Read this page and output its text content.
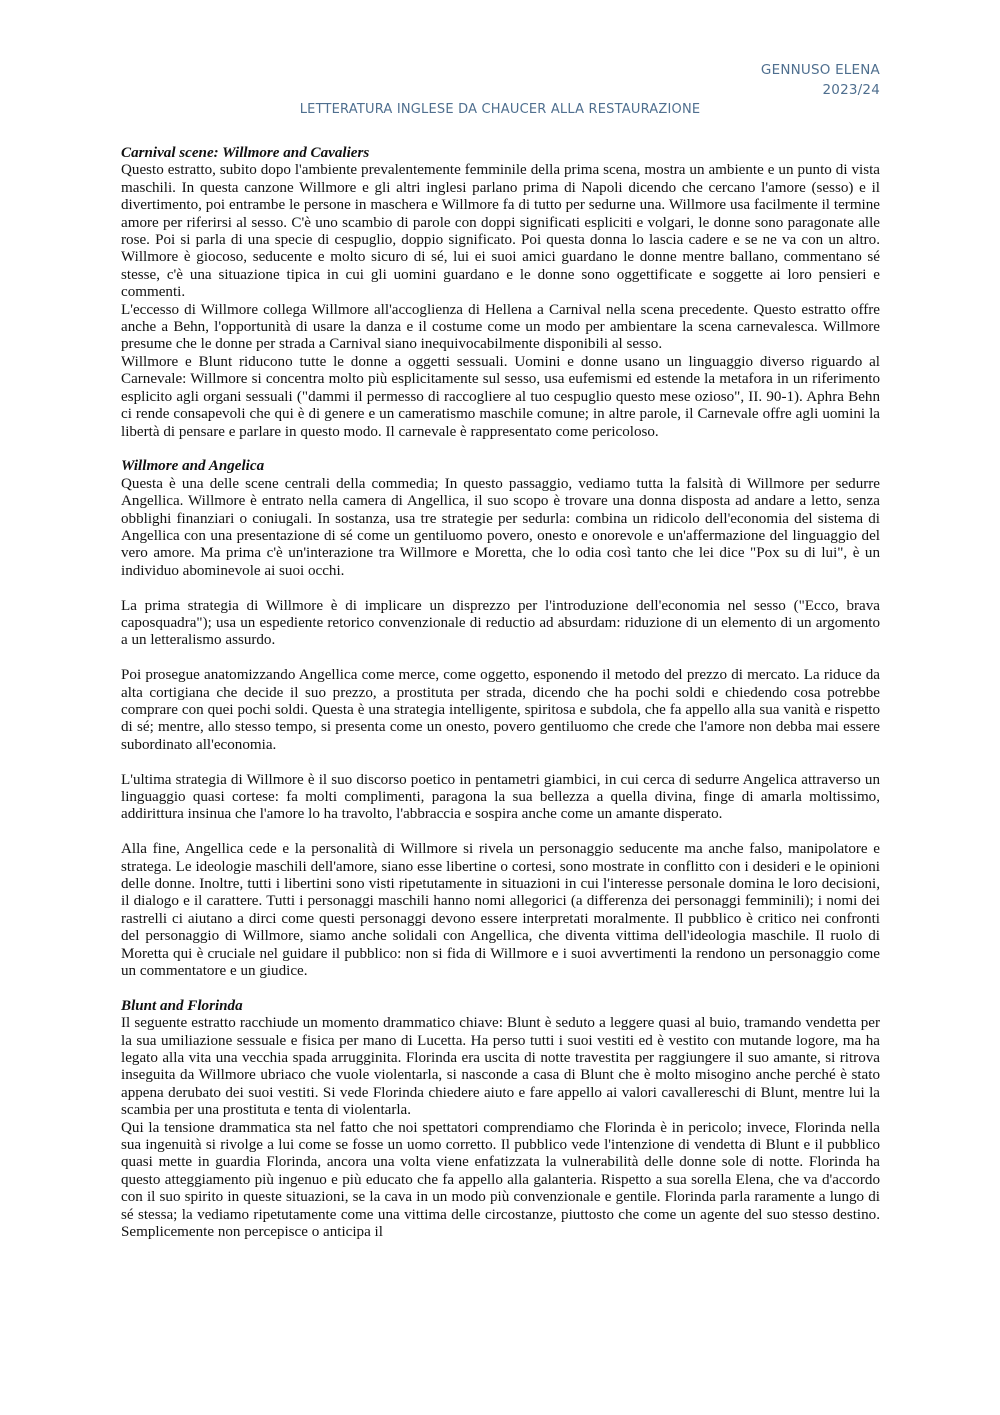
GENNUSO ELENA
2023/24
LETTERATURA INGLESE DA CHAUCER ALLA RESTAURAZIONE

Carnival scene: Willmore and Cavaliers

Questo estratto, subito dopo l'ambiente prevalentemente femminile della prima scena, mostra un ambiente e un punto di vista maschili. In questa canzone Willmore e gli altri inglesi parlano prima di Napoli dicendo che cercano l'amore (sesso) e il divertimento, poi entrambe le persone in maschera e Willmore fa di tutto per sedurne una. Willmore usa facilmente il termine amore per riferirsi al sesso. C'è uno scambio di parole con doppi significati espliciti e volgari, le donne sono paragonate alle rose. Poi si parla di una specie di cespuglio, doppio significato. Poi questa donna lo lascia cadere e se ne va con un altro. Willmore è giocoso, seducente e molto sicuro di sé, lui ei suoi amici guardano le donne mentre ballano, commentano sé stesse, c'è una situazione tipica in cui gli uomini guardano e le donne sono oggettificate e soggette ai loro pensieri e commenti.

L'eccesso di Willmore collega Willmore all'accoglienza di Hellena a Carnival nella scena precedente. Questo estratto offre anche a Behn, l'opportunità di usare la danza e il costume come un modo per ambientare la scena carnevalesca. Willmore presume che le donne per strada a Carnival siano inequivocabilmente disponibili al sesso.

Willmore e Blunt riducono tutte le donne a oggetti sessuali. Uomini e donne usano un linguaggio diverso riguardo al Carnevale: Willmore si concentra molto più esplicitamente sul sesso, usa eufemismi ed estende la metafora in un riferimento esplicito agli organi sessuali ("dammi il permesso di raccogliere al tuo cespuglio questo mese ozioso", II. 90-1). Aphra Behn ci rende consapevoli che qui è di genere e un cameratismo maschile comune; in altre parole, il Carnevale offre agli uomini la libertà di pensare e parlare in questo modo. Il carnevale è rappresentato come pericoloso.

Willmore and Angelica

Questa è una delle scene centrali della commedia; In questo passaggio, vediamo tutta la falsità di Willmore per sedurre Angellica. Willmore è entrato nella camera di Angellica, il suo scopo è trovare una donna disposta ad andare a letto, senza obblighi finanziari o coniugali. In sostanza, usa tre strategie per sedurla: combina un ridicolo dell'economia del sistema di Angellica con una presentazione di sé come un gentiluomo povero, onesto e onorevole e un'affermazione del linguaggio del vero amore. Ma prima c'è un'interazione tra Willmore e Moretta, che lo odia così tanto che lei dice "Pox su di lui", è un individuo abominevole ai suoi occhi.

La prima strategia di Willmore è di implicare un disprezzo per l'introduzione dell'economia nel sesso ("Ecco, brava caposquadra"); usa un espediente retorico convenzionale di reductio ad absurdam: riduzione di un elemento di un argomento a un letteralismo assurdo.

Poi prosegue anatomizzando Angellica come merce, come oggetto, esponendo il metodo del prezzo di mercato. La riduce da alta cortigiana che decide il suo prezzo, a prostituta per strada, dicendo che ha pochi soldi e chiedendo cosa potrebbe comprare con quei pochi soldi. Questa è una strategia intelligente, spiritosa e subdola, che fa appello alla sua vanità e rispetto di sé; mentre, allo stesso tempo, si presenta come un onesto, povero gentiluomo che crede che l'amore non debba mai essere subordinato all'economia.

L'ultima strategia di Willmore è il suo discorso poetico in pentametri giambici, in cui cerca di sedurre Angelica attraverso un linguaggio quasi cortese: fa molti complimenti, paragona la sua bellezza a quella divina, finge di amarla moltissimo, addirittura insinua che l'amore lo ha travolto, l'abbraccia e sospira anche come un amante disperato.

Alla fine, Angellica cede e la personalità di Willmore si rivela un personaggio seducente ma anche falso, manipolatore e stratega. Le ideologie maschili dell'amore, siano esse libertine o cortesi, sono mostrate in conflitto con i desideri e le opinioni delle donne. Inoltre, tutti i libertini sono visti ripetutamente in situazioni in cui l'interesse personale domina le loro decisioni, il dialogo e il carattere. Tutti i personaggi maschili hanno nomi allegorici (a differenza dei personaggi femminili); i nomi dei rastrelli ci aiutano a dirci come questi personaggi devono essere interpretati moralmente. Il pubblico è critico nei confronti del personaggio di Willmore, siamo anche solidali con Angellica, che diventa vittima dell'ideologia maschile. Il ruolo di Moretta qui è cruciale nel guidare il pubblico: non si fida di Willmore e i suoi avvertimenti la rendono un personaggio come un commentatore e un giudice.

Blunt and Florinda

Il seguente estratto racchiude un momento drammatico chiave: Blunt è seduto a leggere quasi al buio, tramando vendetta per la sua umiliazione sessuale e fisica per mano di Lucetta. Ha perso tutti i suoi vestiti ed è vestito con mutande logore, ma ha legato alla vita una vecchia spada arrugginita. Florinda era uscita di notte travestita per raggiungere il suo amante, si ritrova inseguita da Willmore ubriaco che vuole violentarla, si nasconde a casa di Blunt che è molto misogino anche perché è stato appena derubato dei suoi vestiti. Si vede Florinda chiedere aiuto e fare appello ai valori cavallereschi di Blunt, mentre lui la scambia per una prostituta e tenta di violentarla.

Qui la tensione drammatica sta nel fatto che noi spettatori comprendiamo che Florinda è in pericolo; invece, Florinda nella sua ingenuità si rivolge a lui come se fosse un uomo corretto. Il pubblico vede l'intenzione di vendetta di Blunt e il pubblico quasi mette in guardia Florinda, ancora una volta viene enfatizzata la vulnerabilità delle donne sole di notte. Florinda ha questo atteggiamento più ingenuo e più educato che fa appello alla galanteria. Rispetto a sua sorella Elena, che va d'accordo con il suo spirito in queste situazioni, se la cava in un modo più convenzionale e gentile. Florinda parla raramente a lungo di sé stessa; la vediamo ripetutamente come una vittima delle circostanze, piuttosto che come un agente del suo stesso destino. Semplicemente non percepisce o anticipa il
